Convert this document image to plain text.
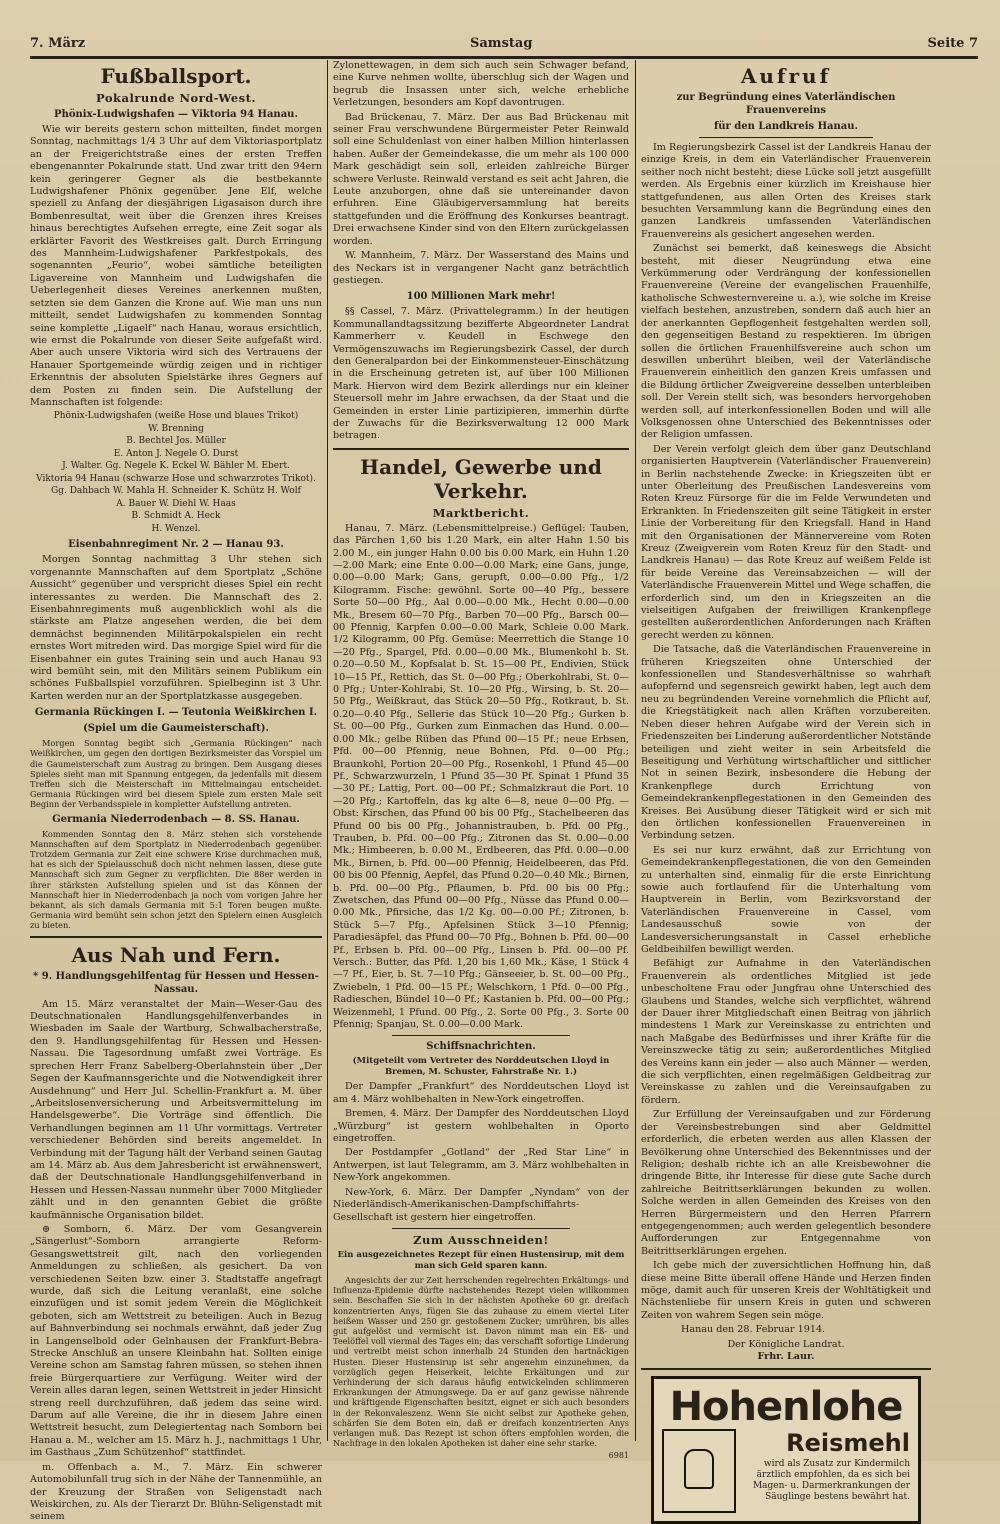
7. März	Samstag	Seite 7
Fußballsport.
Pokalrunde Nord-West.
Phönix-Ludwigshafen — Viktoria 94 Hanau.

Wie wir bereits gestern schon mitteilten, findet morgen Sonntag, nachmittags 1/4 3 Uhr auf dem Viktoriasportplatz an der Freigerichtstraße eines der ersten Treffen ebengenannter Pokalrunde statt. Und zwar tritt den 94ern kein geringerer Gegner als die bestbekannte Ludwigshafener Phönix gegenüber. Jene Elf, welche speziell zu Anfang der diesjährigen Ligasaison durch ihre Bombenresultat, weit über die Grenzen ihres Kreises hinaus berechtigtes Aufsehen erregte, eine Zeit sogar als erklärter Favorit des Westkreises galt. Durch Erringung des Mannheim-Ludwigshafener Parkfestpokals, des sogenannten „Feurio“, wobei sämtliche beteiligten Ligavereine von Mannheim und Ludwigshafen die Ueberlegenheit dieses Vereines anerkennen mußten, setzten sie dem Ganzen die Krone auf. Wie man uns nun mitteilt, sendet Ludwigshafen zu kommenden Sonntag seine komplette „Ligaelf“ nach Hanau, woraus ersichtlich, wie ernst die Pokalrunde von dieser Seite aufgefaßt wird. Aber auch unsere Viktoria wird sich des Vertrauens der Hanauer Sportgemeinde würdig zeigen und in richtiger Erkenntnis der absoluten Spielstärke ihres Gegners auf dem Posten zu finden sein. Die Aufstellung der Mannschaften ist folgende:

Phönix-Ludwigshafen (weiße Hose und blaues Trikot)
W. Brenning
B. Bechtel Jos. Müller
E. Anton J. Negele O. Durst
J. Walter. Gg. Negele K. Eckel W. Bähler M. Ebert.
Viktoria 94 Hanau (schwarze Hose und schwarzrotes Trikot).
Gg. Dahbach W. Mahla H. Schneider K. Schütz H. Wolf
A. Bauer W. Diehl W. Haas
B. Schmidt A. Heck
H. Wenzel.
Eisenbahnregiment Nr. 2 — Hanau 93.

Morgen Sonntag nachmittag 3 Uhr stehen sich vorgenannte Mannschaften auf dem Sportplatz „Schöne Aussicht“ gegenüber und verspricht dieses Spiel ein recht interessantes zu werden. Die Mannschaft des 2. Eisenbahnregiments muß augenblicklich wohl als die stärkste am Platze angesehen werden, die bei dem demnächst beginnenden Militärpokalspielen ein recht ernstes Wort mitreden wird. Das morgige Spiel wird für die Eisenbahner ein gutes Training sein und auch Hanau 93 wird bemüht sein, mit den Militärs seinem Publikum ein schönes Fußballspiel vorzuführen. Spielbeginn ist 3 Uhr. Karten werden nur an der Sportplatzkasse ausgegeben.

Germania Rückingen I. — Teutonia Weißkirchen I.
(Spiel um die Gaumeisterschaft).

Morgen Sonntag begibt sich „Germania Rückingen“ nach Weißkirchen, um gegen den dortigen Bezirksmeister das Vorspiel um die Gaumeisterschaft zum Austrag zu bringen. Dem Ausgang dieses Spieles sieht man mit Spannung entgegen, da jedenfalls mit diesem Treffen sich die Meisterschaft im Mittelmaingau entscheidet. Germania Rückingen wird bei diesem Spiele zum ersten Male seit Beginn der Verbandsspiele in kompletter Aufstellung antreten.

Germania Niederrodenbach — 8. SS. Hanau.

Kommenden Sonntag den 8. März stehen sich vorstehende Mannschaften auf dem Sportplatz in Niederrodenbach gegenüber. Trotzdem Germania zur Zeit eine schwere Krise durchmachen muß, hat es sich der Spielausschuß doch nicht nehmen lassen, diese gute Mannschaft sich zum Gegner zu verpflichten. Die 88er werden in ihrer stärksten Aufstellung spielen und ist das Können der Mannschaft hier in Niederrodenbach ja noch vom vorigen Jahre her bekannt, als sich damals Germania mit 5:1 Toren beugen mußte. Germania wird bemüht sein schon jetzt den Spielern einen Ausgleich zu bieten.

Aus Nah und Fern.
* 9. Handlungsgehilfentag für Hessen und Hessen-Nassau.

Am 15. März veranstaltet der Main—Weser-Gau des Deutschnationalen Handlungsgehilfenverbandes in Wiesbaden im Saale der Wartburg, Schwalbacherstraße, den 9. Handlungsgehilfentag für Hessen und Hessen-Nassau. Die Tagesordnung umfaßt zwei Vorträge. Es sprechen Herr Franz Sabelberg-Oberlahnstein über „Der Segen der Kaufmannsgerichte und die Notwendigkeit ihrer Ausdehnung“ und Herr Jul. Schellin-Frankfurt a. M. über „Arbeitslosenversicherung und Arbeitsvermittelung im Handelsgewerbe“. Die Vorträge sind öffentlich. Die Verhandlungen beginnen am 11 Uhr vormittags. Vertreter verschiedener Behörden sind bereits angemeldet. In Verbindung mit der Tagung hält der Verband seinen Gautag am 14. März ab. Aus dem Jahresbericht ist erwähnenswert, daß der Deutschnationale Handlungsgehilfenverband in Hessen und Hessen-Nassau nunmehr über 7000 Mitglieder zählt und in den genannten Gebiet die größte kaufmännische Organisation bildet.

⊕ Somborn, 6. März. Der vom Gesangverein „Sängerlust“-Somborn arrangierte Reform-Gesangswettstreit gilt, nach den vorliegenden Anmeldungen zu schließen, als gesichert. Da von verschiedenen Seiten bzw. einer 3. Stadtstaffe angefragt wurde, daß sich die Leitung veranlaßt, eine solche einzufügen und ist somit jedem Verein die Möglichkeit geboten, sich am Wettstreit zu beteiligen. Auch in Bezug auf Bahnverbindung sei nochmals erwähnt, daß jeder Zug in Langenselbold oder Gelnhausen der Frankfurt-Bebra-Strecke Anschluß an unsere Kleinbahn hat. Sollten einige Vereine schon am Samstag fahren müssen, so stehen ihnen freie Bürgerquartiere zur Verfügung. Weiter wird der Verein alles daran legen, seinen Wettstreit in jeder Hinsicht streng reell durchzuführen, daß jedem das seine wird. Darum auf alle Vereine, die ihr in diesem Jahre einen Wettstreit besucht, zum Delegiertentag nach Somborn bei Hanau a. M., welcher am 15. März h. J., nachmittags 1 Uhr, im Gasthaus „Zum Schützenhof“ stattfindet.

m. Offenbach a. M., 7. März. Ein schwerer Automobilunfall trug sich in der Nähe der Tannenmühle, an der Kreuzung der Straßen von Seligenstadt nach Weiskirchen, zu. Als der Tierarzt Dr. Blühn-Seligenstadt mit seinem

Zylonettewagen, in dem sich auch sein Schwager befand, eine Kurve nehmen wollte, überschlug sich der Wagen und begrub die Insassen unter sich, welche erhebliche Verletzungen, besonders am Kopf davontrugen.

Bad Brückenau, 7. März. Der aus Bad Brückenau mit seiner Frau verschwundene Bürgermeister Peter Reinwald soll eine Schuldenlast von einer halben Million hinterlassen haben. Außer der Gemeindekasse, die um mehr als 100 000 Mark geschädigt sein soll, erleiden zahlreiche Bürger schwere Verluste. Reinwald verstand es seit acht Jahren, die Leute anzuborgen, ohne daß sie untereinander davon erfuhren. Eine Gläubigerversammlung hat bereits stattgefunden und die Eröffnung des Konkurses beantragt. Drei erwachsene Kinder sind von den Eltern zurückgelassen worden.

W. Mannheim, 7. März. Der Wasserstand des Mains und des Neckars ist in vergangener Nacht ganz beträchtlich gestiegen.

100 Millionen Mark mehr!

§§ Cassel, 7. März. (Privattelegramm.) In der heutigen Kommunallandtagssitzung bezifferte Abgeordneter Landrat Kammerherr v. Keudell in Eschwege den Vermögenszuwachs im Regierungsbezirk Cassel, der durch den Generalpardon bei der Einkommensteuer-Einschätzung in die Erscheinung getreten ist, auf über 100 Millionen Mark. Hiervon wird dem Bezirk allerdings nur ein kleiner Steuersoll mehr im Jahre erwachsen, da der Staat und die Gemeinden in erster Linie partizipieren, immerhin dürfte der Zuwachs für die Bezirksverwaltung 12 000 Mark betragen.

Handel, Gewerbe und Verkehr.
Marktbericht.

Hanau, 7. März. (Lebensmittelpreise.) Geflügel: Tauben, das Pärchen 1,60 bis 1.20 Mark, ein alter Hahn 1.50 bis 2.00 M., ein junger Hahn 0.00 bis 0.00 Mark, ein Huhn 1.20—2.00 Mark; eine Ente 0.00—0.00 Mark; eine Gans, junge, 0.00—0.00 Mark; Gans, gerupft, 0.00—0.00 Pfg., 1/2 Kilogramm. Fische: gewöhnl. Sorte 00—40 Pfg., bessere Sorte 50—00 Pfg., Aal 0.00—0.00 Mk., Hecht 0.00—0.00 Mk., Bresem 60—70 Pfg., Barben 70—00 Pfg., Barsch 00—00 Pfennig, Karpfen 0.00—0.00 Mark, Schleie 0.00 Mark. 1/2 Kilogramm, 00 Pfg. Gemüse: Meerrettich die Stange 10—20 Pfg., Spargel, Pfd. 0.00—0.00 Mk., Blumenkohl b. St. 0.20—0.50 M., Kopfsalat b. St. 15—00 Pf., Endivien, Stück 10—15 Pf., Rettich, das St. 0—00 Pfg.; Oberkohlrabi, St. 0—0 Pfg.; Unter-Kohlrabi, St. 10—20 Pfg., Wirsing, b. St. 20—50 Pfg., Weißkraut, das Stück 20—50 Pfg., Rotkraut, b. St. 0.20—0.40 Pfg., Sellerie das Stück 10—20 Pfg.; Gurken b. St. 00—00 Pfg., Gurken zum Einmachen das Hund. 0.00—0.00 Mk.; gelbe Rüben das Pfund 00—15 Pf.; neue Erbsen, Pfd. 00—00 Pfennig, neue Bohnen, Pfd. 0—00 Pfg.; Braunkohl, Portion 20—00 Pfg., Rosenkohl, 1 Pfund 45—00 Pf., Schwarzwurzeln, 1 Pfund 35—30 Pf. Spinat 1 Pfund 35—30 Pf.; Lattig, Port. 00—00 Pf.; Schmalzkraut die Port. 10—20 Pfg.; Kartoffeln, das kg alte 6—8, neue 0—00 Pfg. — Obst: Kirschen, das Pfund 00 bis 00 Pfg., Stachelbeeren das Pfund 00 bis 00 Pfg., Johannistrauben, b. Pfd. 00 Pfg., Trauben, b. Pfd. 00—00 Pfg.; Zitronen das St. 0.00—0.00 Mk.; Himbeeren, b. 0.00 M., Erdbeeren, das Pfd. 0.00—0.00 Mk., Birnen, b. Pfd. 00—00 Pfennig, Heidelbeeren, das Pfd. 00 bis 00 Pfennig, Aepfel, das Pfund 0.20—0.40 Mk.; Birnen, b. Pfd. 00—00 Pfg., Pflaumen, b. Pfd. 00 bis 00 Pfg.; Zwetschen, das Pfund 00—00 Pfg., Nüsse das Pfund 0.00—0.00 Mk., Pfirsiche, das 1/2 Kg. 00—0.00 Pf.; Zitronen, b. Stück 5—7 Pfg., Apfelsinen Stück 3—10 Pfennig; Paradiesäpfel, das Pfund 00—70 Pfg., Bohnen b. Pfd. 00—00 Pf., Erbsen b. Pfd. 00—00 Pfg., Linsen b. Pfd. 00—00 Pf. Versch.: Butter, das Pfd. 1,20 bis 1,60 Mk.; Käse, 1 Stück 4—7 Pf., Eier, b. St. 7—10 Pfg.; Gänseeier, b. St. 00—00 Pfg., Zwiebeln, 1 Pfd. 00—15 Pf.; Welschkorn, 1 Pfd. 0—00 Pfg., Radieschen, Bündel 10—0 Pf.; Kastanien b. Pfd. 00—00 Pfg.; Weizenmehl, 1 Pfund. 00 Pfg., 2. Sorte 00 Pfg., 3. Sorte 00 Pfennig; Spanjau, St. 0.00—0.00 Mark.

Schiffsnachrichten.
(Mitgeteilt vom Vertreter des Norddeutschen Lloyd in Bremen, M. Schuster, Fahrstraße Nr. 1.)

Der Dampfer „Frankfurt“ des Norddeutschen Lloyd ist am 4. März wohlbehalten in New-York eingetroffen.

Bremen, 4. März. Der Dampfer des Norddeutschen Lloyd „Würzburg“ ist gestern wohlbehalten in Oporto eingetroffen.

Der Postdampfer „Gotland“ der „Red Star Line“ in Antwerpen, ist laut Telegramm, am 3. März wohlbehalten in New-York angekommen.

New-York, 6. März. Der Dampfer „Nyndam“ von der Niederländisch-Amerikanischen-Dampfschiffahrts-Gesellschaft ist gestern hier eingetroffen.

Zum Ausschneiden!
Ein ausgezeichnetes Rezept für einen Hustensirup, mit dem man sich Geld sparen kann.

Angesichts der zur Zeit herrschenden regelrechten Erkältungs- und Influenza-Epidemie dürfte nachstehendes Rezept vielen willkommen sein. Beschaffen Sie sich in der nächsten Apotheke 60 gr. dreifach konzentrierten Anys, fügen Sie das zuhause zu einem viertel Liter heißem Wasser und 250 gr. gestoßenem Zucker; umrühren, bis alles gut aufgelöst und vermischt ist. Davon nimmt man ein Eß- und Teelöffel voll viermal des Tages ein; das verschafft sofortige Linderung und vertreibt meist schon innerhalb 24 Stunden den hartnäckigen Husten. Dieser Hustensirup ist sehr angenehm einzunehmen, da vorzüglich gegen Heiserkeit, leichte Erkältungen und zur Verhinderung der sich daraus häufig entwickelnden schlimmeren Erkrankungen der Atmungswege. Da er auf ganz gewisse nährende und kräftigende Eigenschaften besitzt, eignet er sich auch besonders in der Rekonvaleszenz. Wenn Sie nicht selbst zur Apotheke gehen, schärfen Sie dem Boten ein, daß er dreifach konzentrierten Anys verlangen muß. Das Rezept ist schon öfters empfohlen worden, die Nachfrage in den lokalen Apotheken ist daher eine sehr starke.

6981
Aufruf
zur Begründung eines Vaterländischen Frauenvereins
für den Landkreis Hanau.

Im Regierungsbezirk Cassel ist der Landkreis Hanau der einzige Kreis, in dem ein Vaterländischer Frauenverein seither noch nicht besteht; diese Lücke soll jetzt ausgefüllt werden. Als Ergebnis einer kürzlich im Kreishause hier stattgefundenen, aus allen Orten des Kreises stark besuchten Versammlung kann die Begründung eines den ganzen Landkreis umfassenden Vaterländischen Frauenvereins als gesichert angesehen werden.

Zunächst sei bemerkt, daß keineswegs die Absicht besteht, mit dieser Neugründung etwa eine Verkümmerung oder Verdrängung der konfessionellen Frauenvereine (Vereine der evangelischen Frauenhilfe, katholische Schwesternvereine u. a.), wie solche im Kreise vielfach bestehen, anzustreben, sondern daß auch hier an der anerkannten Gepflogenheit festgehalten werden soll, den gegenseitigen Bestand zu respektieren. Im übrigen sollen die örtlichen Frauenhilfsvereine auch schon um deswillen unberührt bleiben, weil der Vaterländische Frauenverein einheitlich den ganzen Kreis umfassen und die Bildung örtlicher Zweigvereine desselben unterbleiben soll. Der Verein stellt sich, was besonders hervorgehoben werden soll, auf interkonfessionellen Boden und will alle Volksgenossen ohne Unterschied des Bekenntnisses oder der Religion umfassen.

Der Verein verfolgt gleich dem über ganz Deutschland organisierten Hauptverein (Vaterländischer Frauenverein) in Berlin nachstehende Zwecke: in Kriegszeiten übt er unter Oberleitung des Preußischen Landesvereins vom Roten Kreuz Fürsorge für die im Felde Verwundeten und Erkrankten. In Friedenszeiten gilt seine Tätigkeit in erster Linie der Vorbereitung für den Kriegsfall. Hand in Hand mit den Organisationen der Männervereine vom Roten Kreuz (Zweigverein vom Roten Kreuz für den Stadt- und Landkreis Hanau) — das Rote Kreuz auf weißem Felde ist für beide Vereine das Vereinsabzeichen — will der Vaterländische Frauenverein Mittel und Wege schaffen, die erforderlich sind, um den in Kriegszeiten an die vielseitigen Aufgaben der freiwilligen Krankenpflege gestellten außerordentlichen Anforderungen nach Kräften gerecht werden zu können.

Die Tatsache, daß die Vaterländischen Frauenvereine in früheren Kriegszeiten ohne Unterschied der konfessionellen und Standesverhältnisse so wahrhaft aufopfernd und segensreich gewirkt haben, legt auch dem neu zu begründenden Vereine vornehmlich die Pflicht auf, die Kriegstätigkeit nach allen Kräften vorzubereiten. Neben dieser hehren Aufgabe wird der Verein sich in Friedenszeiten bei Linderung außerordentlicher Notstände beteiligen und zieht weiter in sein Arbeitsfeld die Beseitigung und Verhütung wirtschaftlicher und sittlicher Not in seinen Bezirk, insbesondere die Hebung der Krankenpflege durch Errichtung von Gemeindekrankenpflegestationen in den Gemeinden des Kreises. Bei Ausübung dieser Tätigkeit wird er sich mit den örtlichen konfessionellen Frauenvereinen in Verbindung setzen.

Es sei nur kurz erwähnt, daß zur Errichtung von Gemeindekrankenpflegestationen, die von den Gemeinden zu unterhalten sind, einmalig für die erste Einrichtung sowie auch fortlaufend für die Unterhaltung vom Hauptverein in Berlin, vom Bezirksvorstand der Vaterländischen Frauenvereine in Cassel, vom Landesausschuß sowie von der Landesversicherungsanstalt in Cassel erhebliche Geldbeihilfen bewilligt werden.

Befähigt zur Aufnahme in den Vaterländischen Frauenverein als ordentliches Mitglied ist jede unbescholtene Frau oder Jungfrau ohne Unterschied des Glaubens und Standes, welche sich verpflichtet, während der Dauer ihrer Mitgliedschaft einen Beitrag von jährlich mindestens 1 Mark zur Vereinskasse zu entrichten und nach Maßgabe des Bedürfnisses und ihrer Kräfte für die Vereinszwecke tätig zu sein; außerordentliches Mitglied des Vereins kann ein jeder — also auch Männer — werden, die sich verpflichten, einen regelmäßigen Geldbeitrag zur Vereinskasse zu zahlen und die Vereinsaufgaben zu fördern.

Zur Erfüllung der Vereinsaufgaben und zur Förderung der Vereinsbestrebungen sind aber Geldmittel erforderlich, die erbeten werden aus allen Klassen der Bevölkerung ohne Unterschied des Bekenntnisses und der Religion; deshalb richte ich an alle Kreisbewohner die dringende Bitte, ihr Interesse für diese gute Sache durch zahlreiche Beitrittserklärungen bekunden zu wollen. Solche werden in allen Gemeinden des Kreises von den Herren Bürgermeistern und den Herren Pfarrern entgegengenommen; auch werden gelegentlich besondere Aufforderungen zur Entgegennahme von Beitrittserklärungen ergehen.

Ich gebe mich der zuversichtlichen Hoffnung hin, daß diese meine Bitte überall offene Hände und Herzen finden möge, damit auch für unseren Kreis der Wohltätigkeit und Nächstenliebe für unsern Kreis in guten und schweren Zeiten von wahrem Segen sein möge.

Hanau den 28. Februar 1914.
Der Königliche Landrat.
Frhr. Laur.
Hohenlohe
Reismehl
wird als Zusatz zur Kindermilch ärztlich empfohlen, da es sich bei Magen- u. Darmerkrankungen der Säuglinge bestens bewährt hat.
